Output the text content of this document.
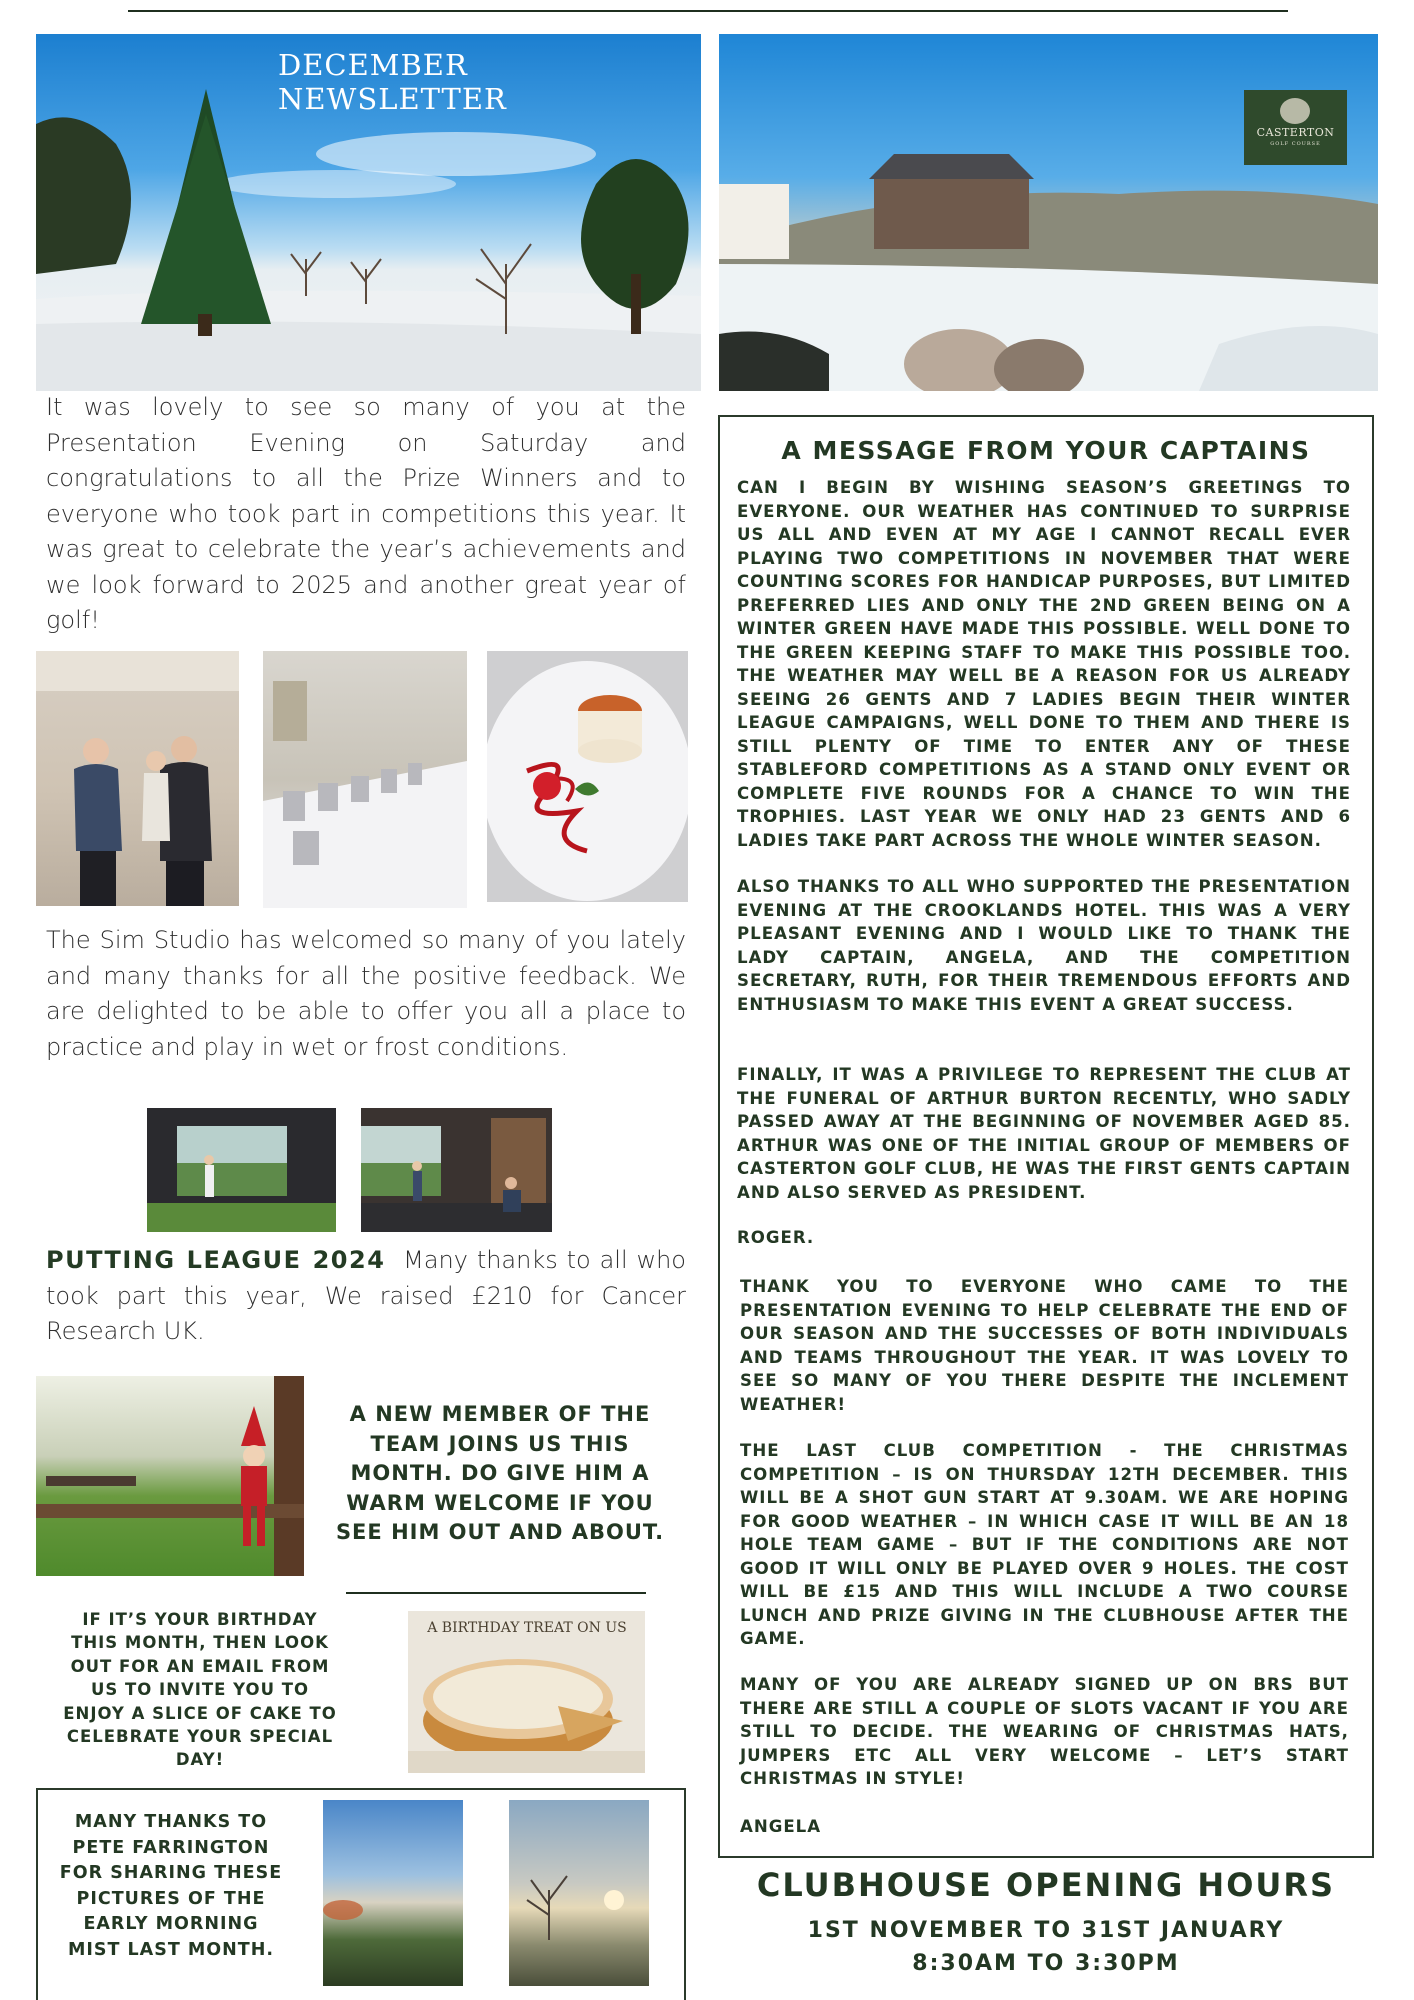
DECEMBER NEWSLETTER
CASTERTON
GOLF COURSE
It was lovely to see so many of you at the Presentation Evening on Saturday and congratulations to all the Prize Winners and to everyone who took part in competitions this year. It was great to celebrate the year’s achievements and we look forward to 2025 and another great year of golf!
The Sim Studio has welcomed so many of you lately and many thanks for all the positive feedback. We are delighted to be able to offer you all a place to practice and play in wet or frost conditions.
PUTTING LEAGUE 2024 Many thanks to all who took part this year, We raised £210 for Cancer Research UK.
A NEW MEMBER OF THE TEAM JOINS US THIS MONTH. DO GIVE HIM A WARM WELCOME IF YOU SEE HIM OUT AND ABOUT.
IF IT’S YOUR BIRTHDAY THIS MONTH, THEN LOOK OUT FOR AN EMAIL FROM US TO INVITE YOU TO ENJOY A SLICE OF CAKE TO CELEBRATE YOUR SPECIAL DAY!
A BIRTHDAY TREAT ON US
MANY THANKS TO PETE FARRINGTON FOR SHARING THESE PICTURES OF THE EARLY MORNING MIST LAST MONTH.
A MESSAGE FROM YOUR CAPTAINS
CAN I BEGIN BY WISHING SEASON’S GREETINGS TO EVERYONE. OUR WEATHER HAS CONTINUED TO SURPRISE US ALL AND EVEN AT MY AGE I CANNOT RECALL EVER PLAYING TWO COMPETITIONS IN NOVEMBER THAT WERE COUNTING SCORES FOR HANDICAP PURPOSES, BUT LIMITED PREFERRED LIES AND ONLY THE 2ND GREEN BEING ON A WINTER GREEN HAVE MADE THIS POSSIBLE. WELL DONE TO THE GREEN KEEPING STAFF TO MAKE THIS POSSIBLE TOO. THE WEATHER MAY WELL BE A REASON FOR US ALREADY SEEING 26 GENTS AND 7 LADIES BEGIN THEIR WINTER LEAGUE CAMPAIGNS, WELL DONE TO THEM AND THERE IS STILL PLENTY OF TIME TO ENTER ANY OF THESE STABLEFORD COMPETITIONS AS A STAND ONLY EVENT OR COMPLETE FIVE ROUNDS FOR A CHANCE TO WIN THE TROPHIES. LAST YEAR WE ONLY HAD 23 GENTS AND 6 LADIES TAKE PART ACROSS THE WHOLE WINTER SEASON.
ALSO THANKS TO ALL WHO SUPPORTED THE PRESENTATION EVENING AT THE CROOKLANDS HOTEL. THIS WAS A VERY PLEASANT EVENING AND I WOULD LIKE TO THANK THE LADY CAPTAIN, ANGELA, AND THE COMPETITION SECRETARY, RUTH, FOR THEIR TREMENDOUS EFFORTS AND ENTHUSIASM TO MAKE THIS EVENT A GREAT SUCCESS.
FINALLY, IT WAS A PRIVILEGE TO REPRESENT THE CLUB AT THE FUNERAL OF ARTHUR BURTON RECENTLY, WHO SADLY PASSED AWAY AT THE BEGINNING OF NOVEMBER AGED 85. ARTHUR WAS ONE OF THE INITIAL GROUP OF MEMBERS OF CASTERTON GOLF CLUB, HE WAS THE FIRST GENTS CAPTAIN AND ALSO SERVED AS PRESIDENT.
ROGER.
THANK YOU TO EVERYONE WHO CAME TO THE PRESENTATION EVENING TO HELP CELEBRATE THE END OF OUR SEASON AND THE SUCCESSES OF BOTH INDIVIDUALS AND TEAMS THROUGHOUT THE YEAR. IT WAS LOVELY TO SEE SO MANY OF YOU THERE DESPITE THE INCLEMENT WEATHER!
THE LAST CLUB COMPETITION - THE CHRISTMAS COMPETITION – IS ON THURSDAY 12TH DECEMBER. THIS WILL BE A SHOT GUN START AT 9.30AM. WE ARE HOPING FOR GOOD WEATHER – IN WHICH CASE IT WILL BE AN 18 HOLE TEAM GAME – BUT IF THE CONDITIONS ARE NOT GOOD IT WILL ONLY BE PLAYED OVER 9 HOLES. THE COST WILL BE £15 AND THIS WILL INCLUDE A TWO COURSE LUNCH AND PRIZE GIVING IN THE CLUBHOUSE AFTER THE GAME.
MANY OF YOU ARE ALREADY SIGNED UP ON BRS BUT THERE ARE STILL A COUPLE OF SLOTS VACANT IF YOU ARE STILL TO DECIDE. THE WEARING OF CHRISTMAS HATS, JUMPERS ETC ALL VERY WELCOME – LET’S START CHRISTMAS IN STYLE!
ANGELA
CLUBHOUSE OPENING HOURS
1ST NOVEMBER TO 31ST JANUARY
8:30AM TO 3:30PM
